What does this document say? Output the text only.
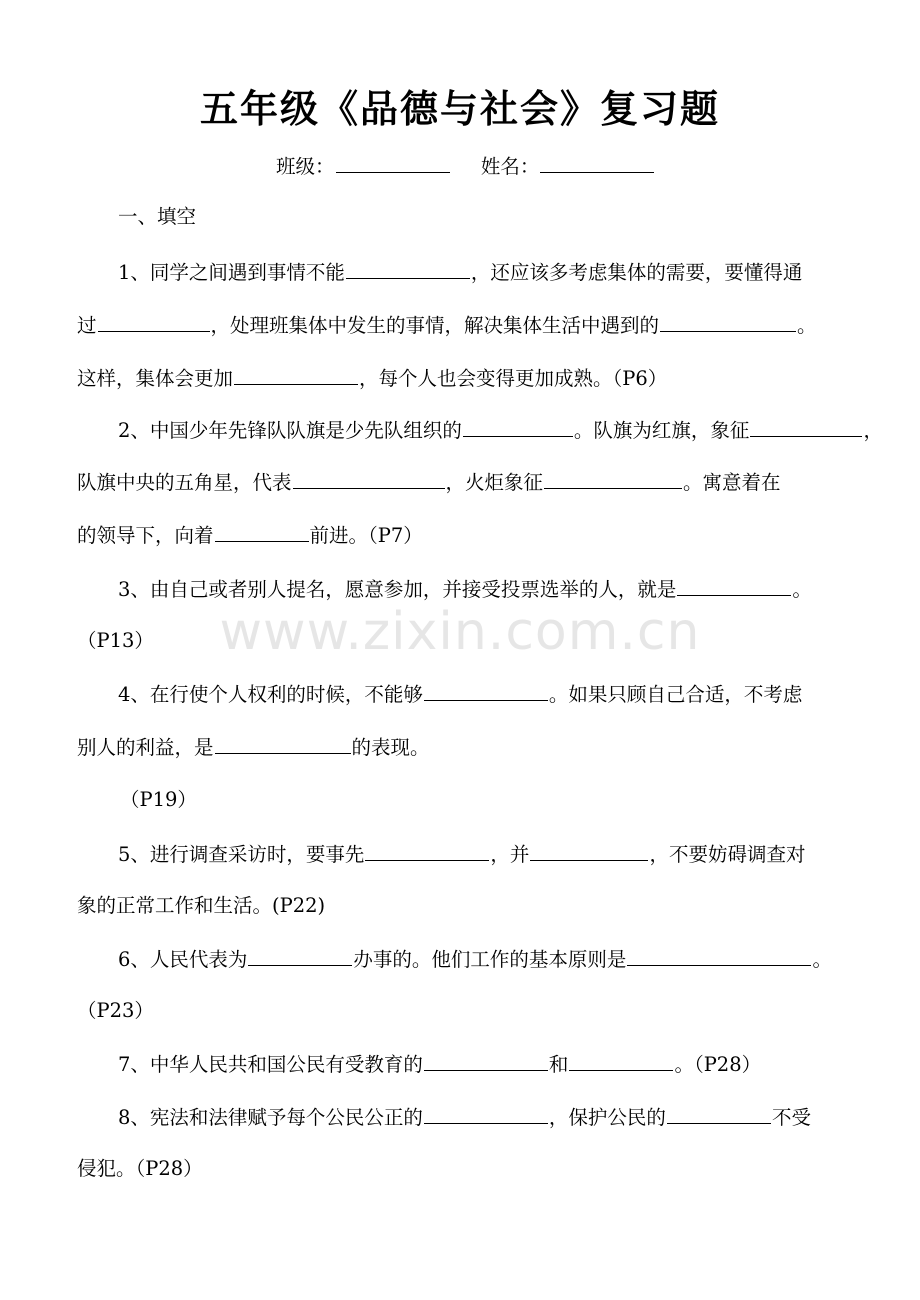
www.zixin.com.cn
五年级《品德与社会》复习题
班级：	姓名：
一、填空
1、同学之间遇到事情不能	，还应该多考虑集体的需要，要懂得通
过	，处理班集体中发生的事情，解决集体生活中遇到的	。
这样，集体会更加	，每个人也会变得更加成熟。（P6）
2、中国少年先锋队队旗是少先队组织的	。队旗为红旗，象征	，
队旗中央的五角星，代表	，火炬象征	。寓意着在
的领导下，向着	前进。（P7）
3、由自己或者别人提名，愿意参加，并接受投票选举的人，就是	。
（P13）
4、在行使个人权利的时候，不能够	。如果只顾自己合适，不考虑
别人的利益，是	的表现。
（P19）
5、进行调查采访时，要事先	，并	，不要妨碍调查对
象的正常工作和生活。(P22)
6、人民代表为	办事的。他们工作的基本原则是	。
（P23）
7、中华人民共和国公民有受教育的	和	。（P28）
8、宪法和法律赋予每个公民公正的	，保护公民的	不受
侵犯。（P28）
